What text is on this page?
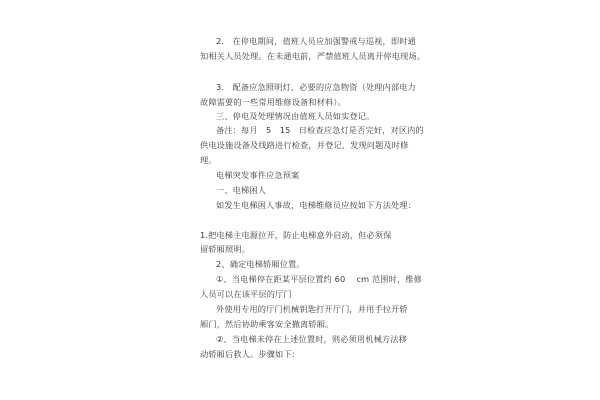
2.　在停电期间，值班人员应加强警戒与巡视，即时通
知相关人员处理。在未通电前，严禁值班人员离开停电现场。
3.　配备应急照明灯、必要的应急物资（处理内部电力
故障需要的一些常用维修设备和材料）。
三、停电及处理情况由值班人员如实登记。
备注：每月　5　15　日检查应急灯是否完好，对区内的
供电设施设备及线路进行检查，并登记，发现问题及时修
理。
电梯突发事件应急预案
一、电梯困人
如发生电梯困人事故，电梯维修员应按如下方法处理：
1.把电梯主电源拉开，防止电梯意外启动，但必须保
留轿厢照明。
2、确定电梯轿厢位置。
①、当电梯停在距某平层位置约 60　 cm 范围时，维修
人员可以在该平层的厅门
外使用专用的厅门机械钥匙打开厅门，并用手拉开轿
厢门，然后协助乘客安全撤离轿厢。
②、当电梯未停在上述位置时，则必须用机械方法移
动轿厢后救人。步骤如下：
